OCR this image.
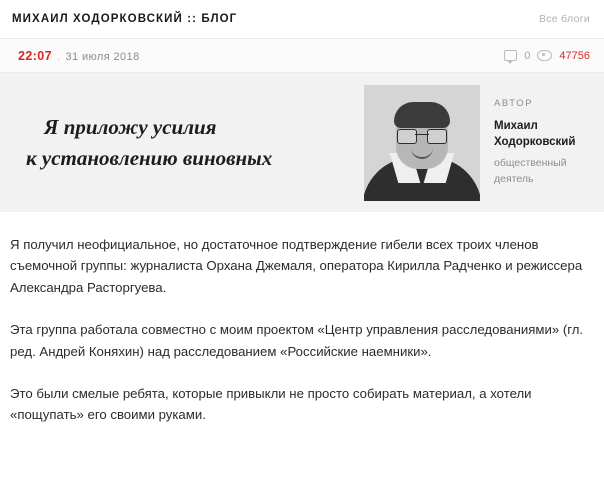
МИХАИЛ ХОДОРКОВСКИЙ :: БЛОГ	Все блоги
22:07 . 31 июля 2018	0	47756
Я приложу усилия
к установлению виновных
АВТОР
Михаил
Ходорковский
общественный
деятель

Я получил неофициальное, но достаточное подтверждение гибели всех троих членов съемочной группы: журналиста Орхана Джемаля, оператора Кирилла Радченко и режиссера Александра Расторгуева.

Эта группа работала совместно с моим проектом «Центр управления расследованиями» (гл. ред. Андрей Коняхин) над расследованием «Российские наемники».

Это были смелые ребята, которые привыкли не просто собирать материал, а хотели «пощупать» его своими руками.
